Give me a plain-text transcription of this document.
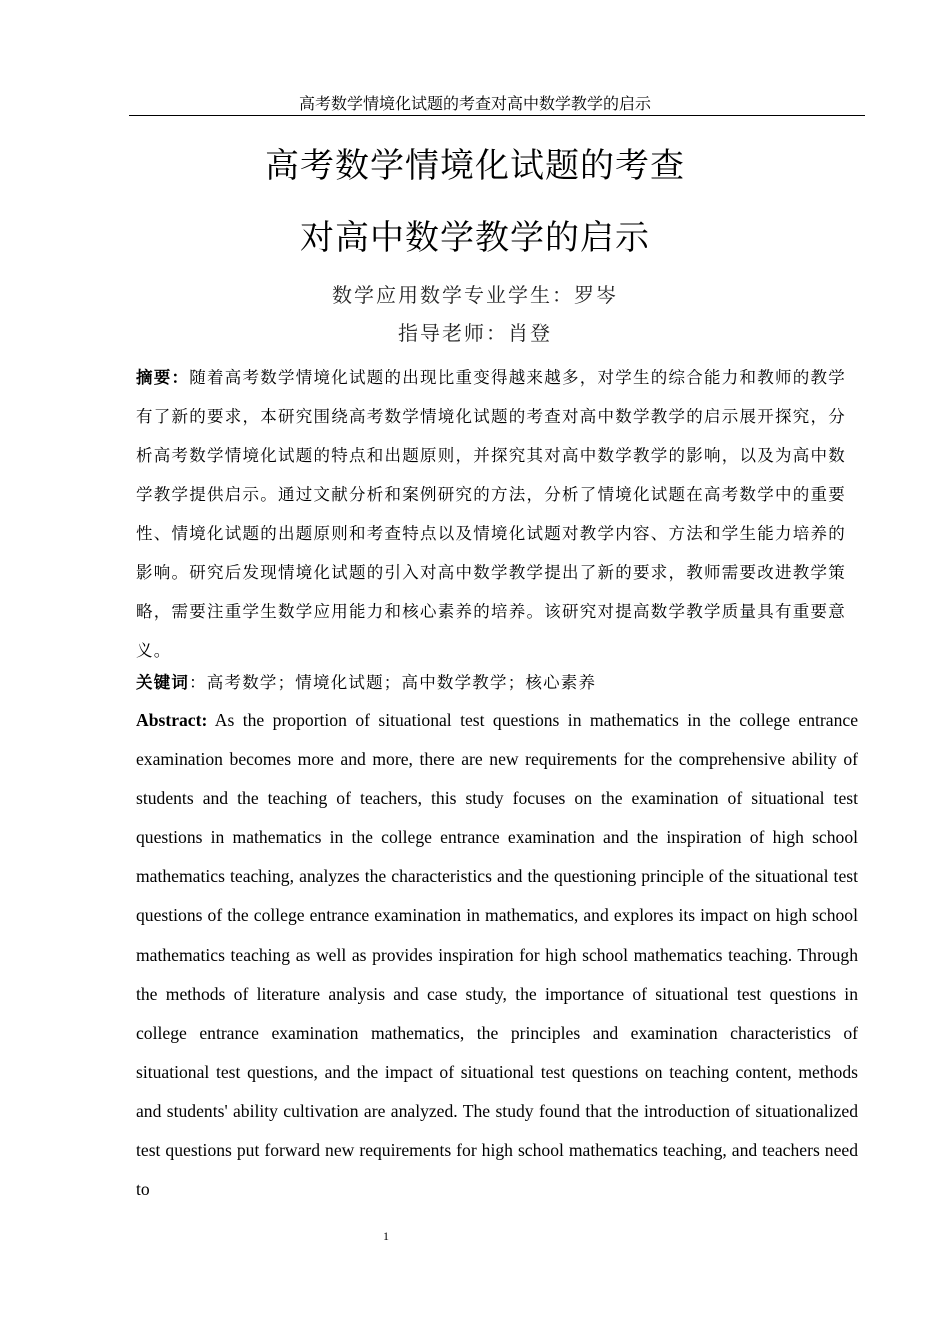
高考数学情境化试题的考查对高中数学教学的启示
高考数学情境化试题的考查
对高中数学教学的启示
数学应用数学专业学生：罗岑
指导老师：肖登
摘要：随着高考数学情境化试题的出现比重变得越来越多，对学生的综合能力和教师的教学有了新的要求，本研究围绕高考数学情境化试题的考查对高中数学教学的启示展开探究，分析高考数学情境化试题的特点和出题原则，并探究其对高中数学教学的影响，以及为高中数学教学提供启示。通过文献分析和案例研究的方法，分析了情境化试题在高考数学中的重要性、情境化试题的出题原则和考查特点以及情境化试题对教学内容、方法和学生能力培养的影响。研究后发现情境化试题的引入对高中数学教学提出了新的要求，教师需要改进教学策略，需要注重学生数学应用能力和核心素养的培养。该研究对提高数学教学质量具有重要意义。
关键词：高考数学；情境化试题；高中数学教学；核心素养
Abstract: As the proportion of situational test questions in mathematics in the college entrance examination becomes more and more, there are new requirements for the comprehensive ability of students and the teaching of teachers, this study focuses on the examination of situational test questions in mathematics in the college entrance examination and the inspiration of high school mathematics teaching, analyzes the characteristics and the questioning principle of the situational test questions of the college entrance examination in mathematics, and explores its impact on high school mathematics teaching as well as provides inspiration for high school mathematics teaching. Through the methods of literature analysis and case study, the importance of situational test questions in college entrance examination mathematics, the principles and examination characteristics of situational test questions, and the impact of situational test questions on teaching content, methods and students' ability cultivation are analyzed. The study found that the introduction of situationalized test questions put forward new requirements for high school mathematics teaching, and teachers need to
1
